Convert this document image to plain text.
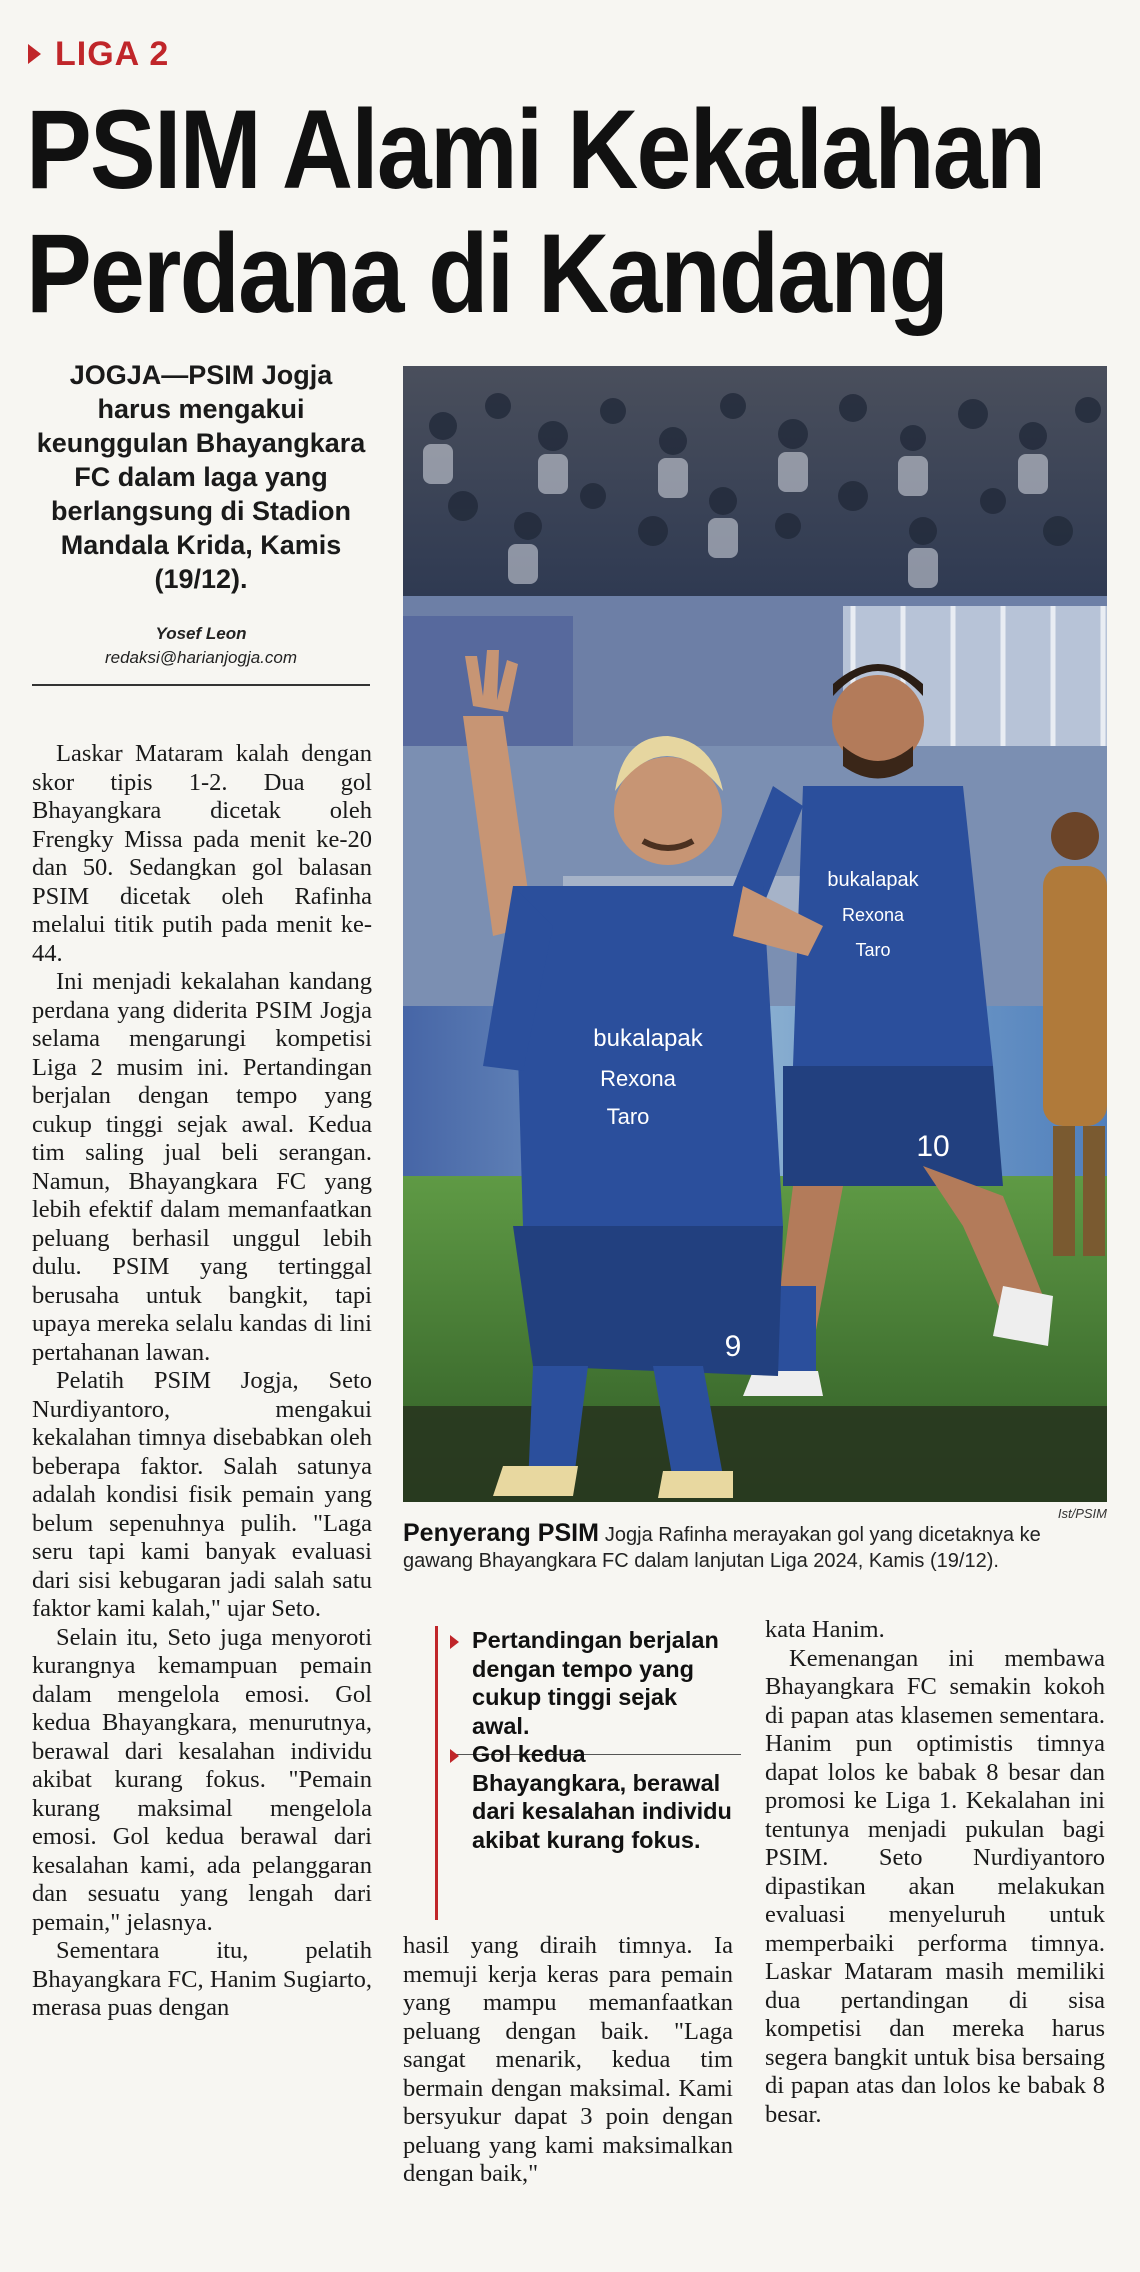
LIGA 2
PSIM Alami Kekalahan
Perdana di Kandang

JOGJA—PSIM Jogja harus mengakui keunggulan Bhayangkara FC dalam laga yang berlangsung di Stadion Mandala Krida, Kamis (19/12).

Yosef Leon
redaksi@harianjogja.com

Laskar Mataram kalah dengan skor tipis 1-2. Dua gol Bhayangkara dicetak oleh Frengky Missa pada menit ke-20 dan 50. Sedangkan gol balasan PSIM dicetak oleh Rafinha melalui titik putih pada menit ke-44.

Ini menjadi kekalahan kandang perdana yang diderita PSIM Jogja selama mengarungi kompetisi Liga 2 musim ini. Pertandingan berjalan dengan tempo yang cukup tinggi sejak awal. Kedua tim saling jual beli serangan. Namun, Bhayangkara FC yang lebih efektif dalam memanfaatkan peluang berhasil unggul lebih dulu. PSIM yang tertinggal berusaha untuk bangkit, tapi upaya mereka selalu kandas di lini pertahanan lawan.

Pelatih PSIM Jogja, Seto Nurdiyantoro, mengakui kekalahan timnya disebabkan oleh beberapa faktor. Salah satunya adalah kondisi fisik pemain yang belum sepenuhnya pulih. "Laga seru tapi kami banyak evaluasi dari sisi kebugaran jadi salah satu faktor kami kalah," ujar Seto.

Selain itu, Seto juga menyoroti kurangnya kemampuan pemain dalam mengelola emosi. Gol kedua Bhayangkara, menurutnya, berawal dari kesalahan individu akibat kurang fokus. "Pemain kurang maksimal mengelola emosi. Gol kedua berawal dari kesalahan kami, ada pelanggaran dan sesuatu yang lengah dari pemain," jelasnya.

Sementara itu, pelatih Bhayangkara FC, Hanim Sugiarto, merasa puas dengan

bukalapak
Rexona
Taro
10
bukalapak
Rexona
Taro
9
Ist/PSIM

Penyerang PSIM Jogja Rafinha merayakan gol yang dicetaknya ke gawang Bhayangkara FC dalam lanjutan Liga 2024, Kamis (19/12).

Pertandingan berjalan dengan tempo yang cukup tinggi sejak awal.
Gol kedua Bhayangkara, berawal dari kesalahan individu akibat kurang fokus.

hasil yang diraih timnya. Ia memuji kerja keras para pemain yang mampu memanfaatkan peluang dengan baik. "Laga sangat menarik, kedua tim bermain dengan maksimal. Kami bersyukur dapat 3 poin dengan peluang yang kami maksimalkan dengan baik,"

kata Hanim.

Kemenangan ini membawa Bhayangkara FC semakin kokoh di papan atas klasemen sementara. Hanim pun optimistis timnya dapat lolos ke babak 8 besar dan promosi ke Liga 1. Kekalahan ini tentunya menjadi pukulan bagi PSIM. Seto Nurdiyantoro dipastikan akan melakukan evaluasi menyeluruh untuk memperbaiki performa timnya. Laskar Mataram masih memiliki dua pertandingan di sisa kompetisi dan mereka harus segera bangkit untuk bisa bersaing di papan atas dan lolos ke babak 8 besar.
